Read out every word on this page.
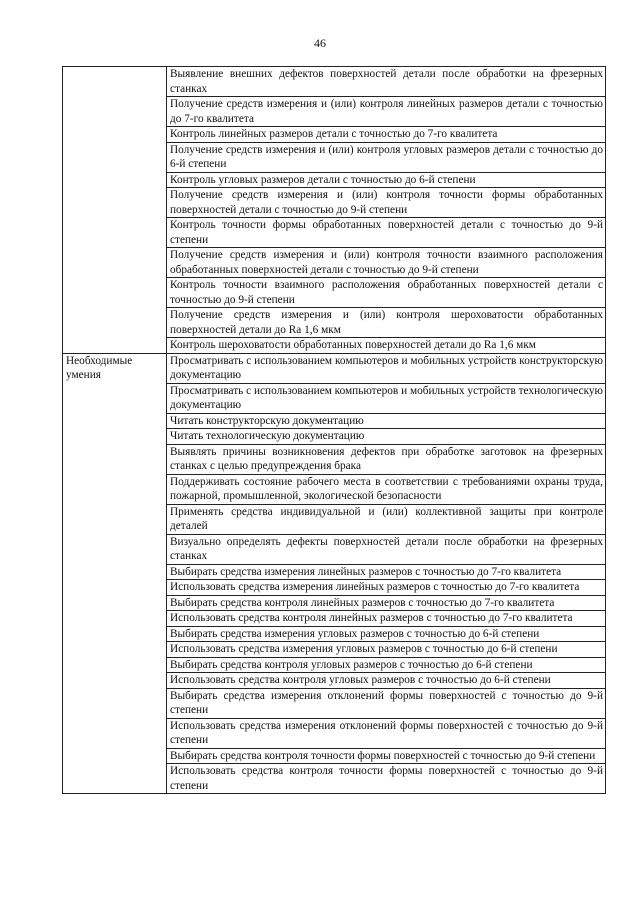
46
	Выявление внешних дефектов поверхностей детали после обработки на фрезерных станках
	Получение средств измерения и (или) контроля линейных размеров детали с точностью до 7-го квалитета
	Контроль линейных размеров детали с точностью до 7-го квалитета
	Получение средств измерения и (или) контроля угловых размеров детали с точностью до 6-й степени
	Контроль угловых размеров детали с точностью до 6-й степени
	Получение средств измерения и (или) контроля точности формы обработанных поверхностей детали с точностью до 9-й степени
	Контроль точности формы обработанных поверхностей детали с точностью до 9-й степени
	Получение средств измерения и (или) контроля точности взаимного расположения обработанных поверхностей детали с точностью до 9-й степени
	Контроль точности взаимного расположения обработанных поверхностей детали с точностью до 9-й степени
	Получение средств измерения и (или) контроля шероховатости обработанных поверхностей детали до Ra 1,6 мкм
	Контроль шероховатости обработанных поверхностей детали до Ra 1,6 мкм
Необходимые умения	Просматривать с использованием компьютеров и мобильных устройств конструкторскую документацию
	Просматривать с использованием компьютеров и мобильных устройств технологическую документацию
	Читать конструкторскую документацию
	Читать технологическую документацию
	Выявлять причины возникновения дефектов при обработке заготовок на фрезерных станках с целью предупреждения брака
	Поддерживать состояние рабочего места в соответствии с требованиями охраны труда, пожарной, промышленной, экологической безопасности
	Применять средства индивидуальной и (или) коллективной защиты при контроле деталей
	Визуально определять дефекты поверхностей детали после обработки на фрезерных станках
	Выбирать средства измерения линейных размеров с точностью до 7-го квалитета
	Использовать средства измерения линейных размеров с точностью до 7-го квалитета
	Выбирать средства контроля линейных размеров с точностью до 7-го квалитета
	Использовать средства контроля линейных размеров с точностью до 7-го квалитета
	Выбирать средства измерения угловых размеров с точностью до 6-й степени
	Использовать средства измерения угловых размеров с точностью до 6-й степени
	Выбирать средства контроля угловых размеров с точностью до 6-й степени
	Использовать средства контроля угловых размеров с точностью до 6-й степени
	Выбирать средства измерения отклонений формы поверхностей с точностью до 9-й степени
	Использовать средства измерения отклонений формы поверхностей с точностью до 9-й степени
	Выбирать средства контроля точности формы поверхностей с точностью до 9-й степени
	Использовать средства контроля точности формы поверхностей с точностью до 9-й степени
